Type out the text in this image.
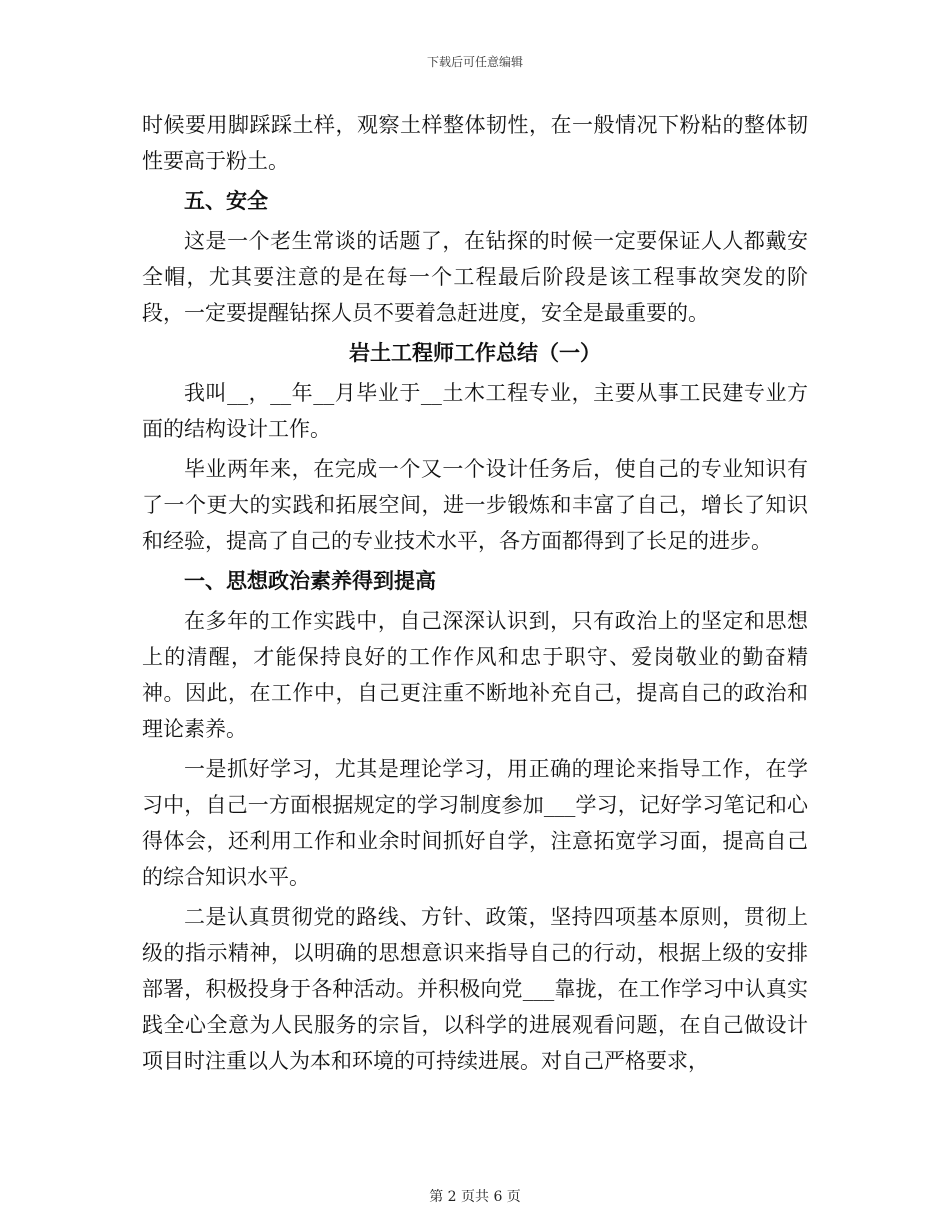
下载后可任意编辑

时候要用脚踩踩土样，观察土样整体韧性，在一般情况下粉粘的整体韧性要高于粉土。

五、安全

这是一个老生常谈的话题了，在钻探的时候一定要保证人人都戴安全帽，尤其要注意的是在每一个工程最后阶段是该工程事故突发的阶段，一定要提醒钻探人员不要着急赶进度，安全是最重要的。

岩土工程师工作总结（一）

我叫__，__年__月毕业于__土木工程专业，主要从事工民建专业方面的结构设计工作。

毕业两年来，在完成一个又一个设计任务后，使自己的专业知识有了一个更大的实践和拓展空间，进一步锻炼和丰富了自己，增长了知识和经验，提高了自己的专业技术水平，各方面都得到了长足的进步。

一、思想政治素养得到提高

在多年的工作实践中，自己深深认识到，只有政治上的坚定和思想上的清醒，才能保持良好的工作作风和忠于职守、爱岗敬业的勤奋精神。因此，在工作中，自己更注重不断地补充自己，提高自己的政治和理论素养。

一是抓好学习，尤其是理论学习，用正确的理论来指导工作，在学习中，自己一方面根据规定的学习制度参加___学习，记好学习笔记和心得体会，还利用工作和业余时间抓好自学，注意拓宽学习面，提高自己的综合知识水平。

二是认真贯彻党的路线、方针、政策，坚持四项基本原则，贯彻上级的指示精神，以明确的思想意识来指导自己的行动，根据上级的安排部署，积极投身于各种活动。并积极向党___靠拢，在工作学习中认真实践全心全意为人民服务的宗旨，以科学的进展观看问题，在自己做设计项目时注重以人为本和环境的可持续进展。对自己严格要求，

第 2 页共 6 页
